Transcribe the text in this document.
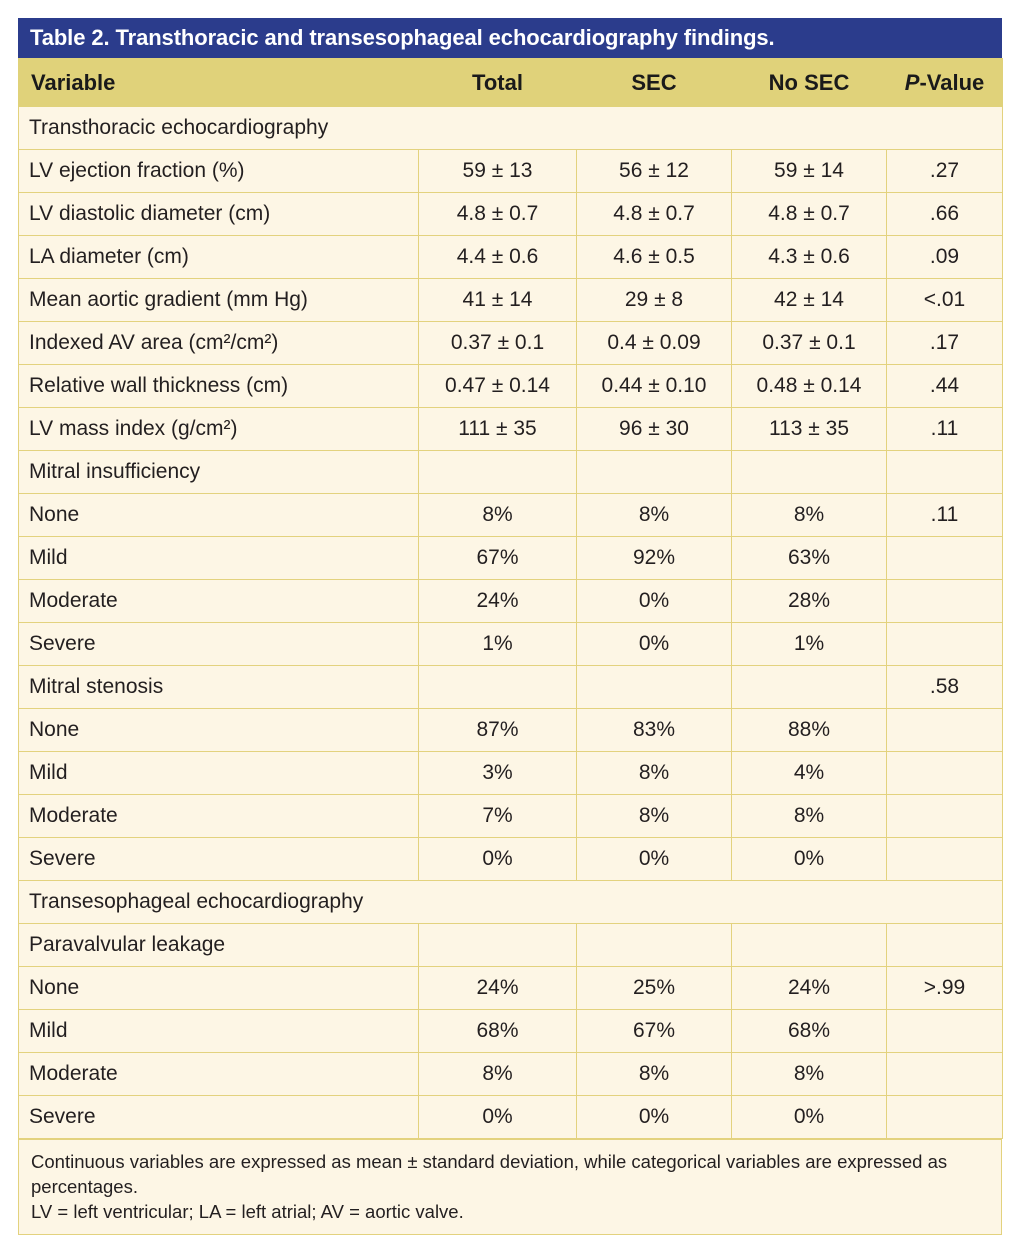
Table 2. Transthoracic and transesophageal echocardiography findings.
Variable	Total	SEC	No SEC	P-Value
Transthoracic echocardiography				
LV ejection fraction (%)	59 ± 13	56 ± 12	59 ± 14	.27
LV diastolic diameter (cm)	4.8 ± 0.7	4.8 ± 0.7	4.8 ± 0.7	.66
LA diameter (cm)	4.4 ± 0.6	4.6 ± 0.5	4.3 ± 0.6	.09
Mean aortic gradient (mm Hg)	41 ± 14	29 ± 8	42 ± 14	<.01
Indexed AV area (cm²/cm²)	0.37 ± 0.1	0.4 ± 0.09	0.37 ± 0.1	.17
Relative wall thickness (cm)	0.47 ± 0.14	0.44 ± 0.10	0.48 ± 0.14	.44
LV mass index (g/cm²)	111 ± 35	96 ± 30	113 ± 35	.11
Mitral insufficiency				
None	8%	8%	8%	.11
Mild	67%	92%	63%	
Moderate	24%	0%	28%	
Severe	1%	0%	1%	
Mitral stenosis				.58
None	87%	83%	88%	
Mild	3%	8%	4%	
Moderate	7%	8%	8%	
Severe	0%	0%	0%	
Transesophageal echocardiography				
Paravalvular leakage				
None	24%	25%	24%	>.99
Mild	68%	67%	68%	
Moderate	8%	8%	8%	
Severe	0%	0%	0%	

Continuous variables are expressed as mean ± standard deviation, while categorical variables are expressed as percentages.

LV = left ventricular; LA = left atrial; AV = aortic valve.
